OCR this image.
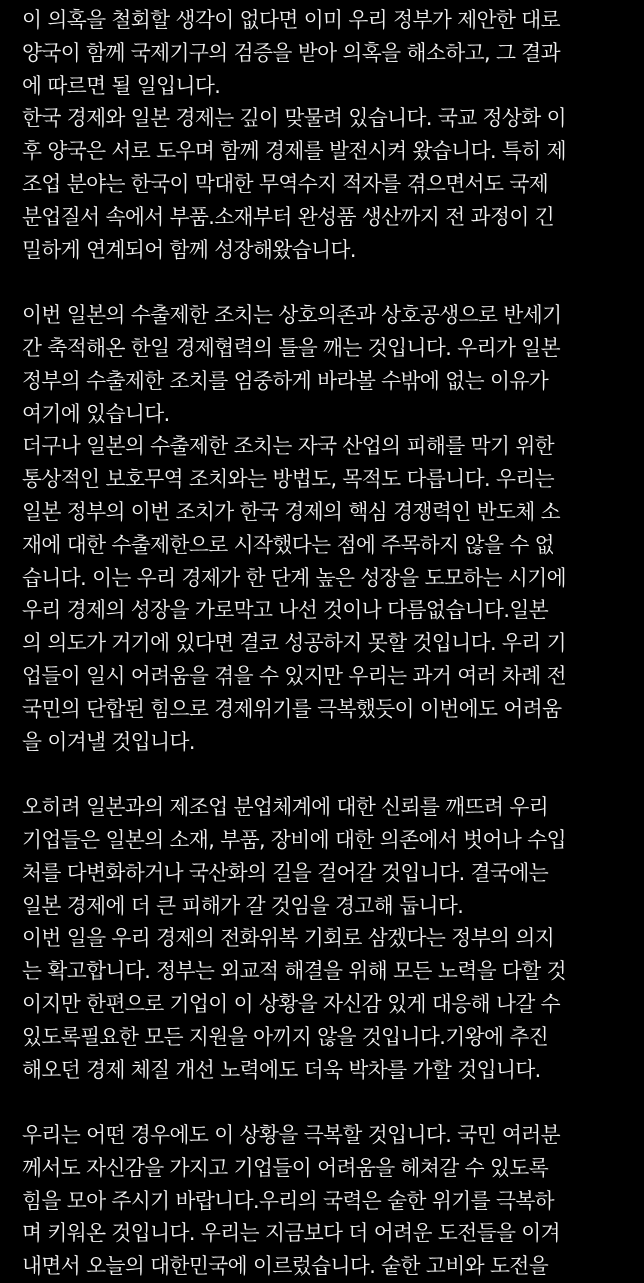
이 의혹을 철회할 생각이 없다면 이미 우리 정부가 제안한 대로
양국이 함께 국제기구의 검증을 받아 의혹을 해소하고, 그 결과
에 따르면 될 일입니다.
한국 경제와 일본 경제는 깊이 맞물려 있습니다. 국교 정상화 이
후 양국은 서로 도우며 함께 경제를 발전시켜 왔습니다. 특히 제
조업 분야는 한국이 막대한 무역수지 적자를 겪으면서도 국제
분업질서 속에서 부품.소재부터 완성품 생산까지 전 과정이 긴
밀하게 연계되어 함께 성장해왔습니다.
이번 일본의 수출제한 조치는 상호의존과 상호공생으로 반세기
간 축적해온 한일 경제협력의 틀을 깨는 것입니다. 우리가 일본
정부의 수출제한 조치를 엄중하게 바라볼 수밖에 없는 이유가
여기에 있습니다.
더구나 일본의 수출제한 조치는 자국 산업의 피해를 막기 위한
통상적인 보호무역 조치와는 방법도, 목적도 다릅니다. 우리는
일본 정부의 이번 조치가 한국 경제의 핵심 경쟁력인 반도체 소
재에 대한 수출제한으로 시작했다는 점에 주목하지 않을 수 없
습니다. 이는 우리 경제가 한 단계 높은 성장을 도모하는 시기에
우리 경제의 성장을 가로막고 나선 것이나 다름없습니다.일본
의 의도가 거기에 있다면 결코 성공하지 못할 것입니다. 우리 기
업들이 일시 어려움을 겪을 수 있지만 우리는 과거 여러 차례 전
국민의 단합된 힘으로 경제위기를 극복했듯이 이번에도 어려움
을 이겨낼 것입니다.
오히려 일본과의 제조업 분업체계에 대한 신뢰를 깨뜨려 우리
기업들은 일본의 소재, 부품, 장비에 대한 의존에서 벗어나 수입
처를 다변화하거나 국산화의 길을 걸어갈 것입니다. 결국에는
일본 경제에 더 큰 피해가 갈 것임을 경고해 둡니다.
이번 일을 우리 경제의 전화위복 기회로 삼겠다는 정부의 의지
는 확고합니다. 정부는 외교적 해결을 위해 모든 노력을 다할 것
이지만 한편으로 기업이 이 상황을 자신감 있게 대응해 나갈 수
있도록필요한 모든 지원을 아끼지 않을 것입니다.기왕에 추진
해오던 경제 체질 개선 노력에도 더욱 박차를 가할 것입니다.
우리는 어떤 경우에도 이 상황을 극복할 것입니다. 국민 여러분
께서도 자신감을 가지고 기업들이 어려움을 헤쳐갈 수 있도록
힘을 모아 주시기 바랍니다.우리의 국력은 숱한 위기를 극복하
며 키워온 것입니다. 우리는 지금보다 더 어려운 도전들을 이겨
내면서 오늘의 대한민국에 이르렀습니다. 숱한 고비와 도전을
